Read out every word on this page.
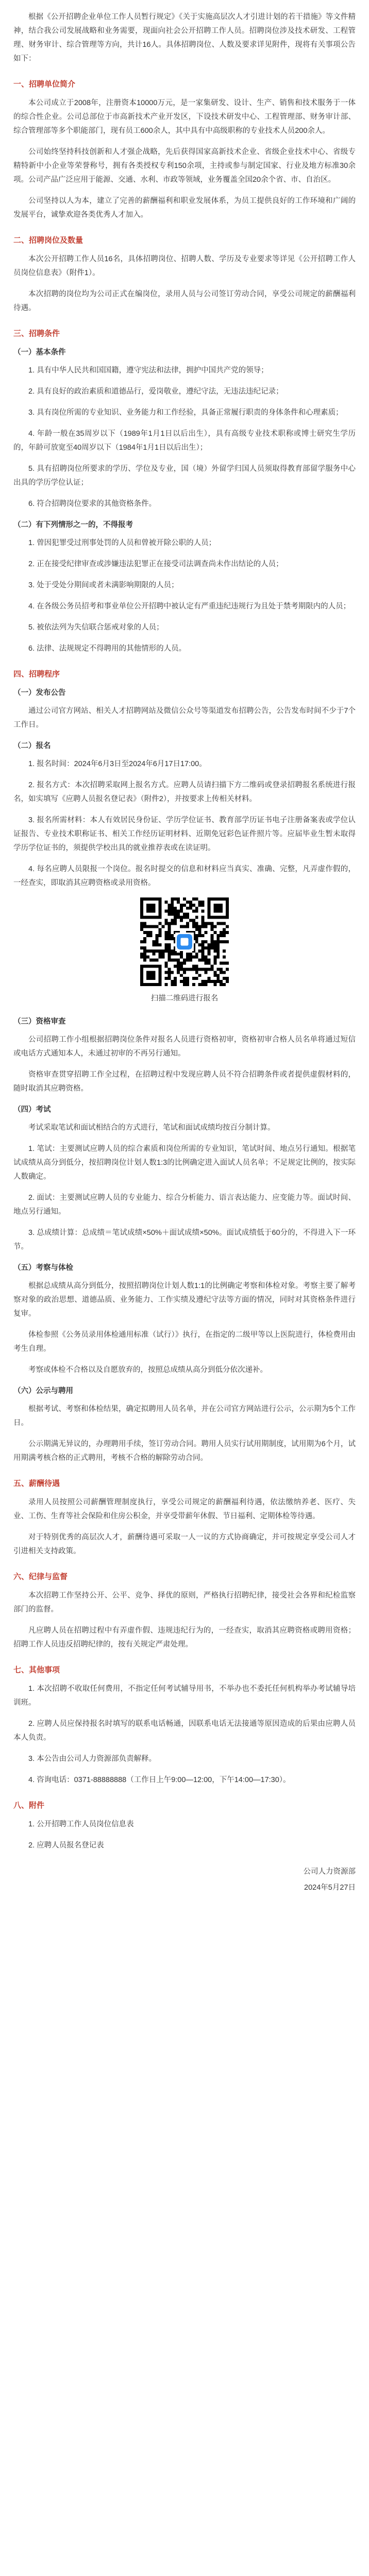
根据《公开招聘企业单位工作人员暂行规定》《关于实施高层次人才引进计划的若干措施》等文件精神，结合我公司发展战略和业务需要，现面向社会公开招聘工作人员。招聘岗位涉及技术研发、工程管理、财务审计、综合管理等方向，共计16人。具体招聘岗位、人数及要求详见附件，现将有关事项公告如下：

一、招聘单位简介

本公司成立于2008年，注册资本10000万元，是一家集研发、设计、生产、销售和技术服务于一体的综合性企业。公司总部位于市高新技术产业开发区，下设技术研发中心、工程管理部、财务审计部、综合管理部等多个职能部门，现有员工600余人，其中具有中高级职称的专业技术人员200余人。

公司始终坚持科技创新和人才强企战略，先后获得国家高新技术企业、省级企业技术中心、省级专精特新中小企业等荣誉称号，拥有各类授权专利150余项，主持或参与制定国家、行业及地方标准30余项。公司产品广泛应用于能源、交通、水利、市政等领域，业务覆盖全国20余个省、市、自治区。

公司坚持以人为本，建立了完善的薪酬福利和职业发展体系，为员工提供良好的工作环境和广阔的发展平台，诚挚欢迎各类优秀人才加入。

二、招聘岗位及数量

本次公开招聘工作人员16名，具体招聘岗位、招聘人数、学历及专业要求等详见《公开招聘工作人员岗位信息表》（附件1）。

本次招聘的岗位均为公司正式在编岗位，录用人员与公司签订劳动合同，享受公司规定的薪酬福利待遇。

三、招聘条件

（一）基本条件

1. 具有中华人民共和国国籍，遵守宪法和法律，拥护中国共产党的领导；

2. 具有良好的政治素质和道德品行，爱岗敬业，遵纪守法，无违法违纪记录；

3. 具有岗位所需的专业知识、业务能力和工作经验，具备正常履行职责的身体条件和心理素质；

4. 年龄一般在35周岁以下（1989年1月1日以后出生），具有高级专业技术职称或博士研究生学历的，年龄可放宽至40周岁以下（1984年1月1日以后出生）；

5. 具有招聘岗位所要求的学历、学位及专业，国（境）外留学归国人员须取得教育部留学服务中心出具的学历学位认证；

6. 符合招聘岗位要求的其他资格条件。

（二）有下列情形之一的，不得报考

1. 曾因犯罪受过刑事处罚的人员和曾被开除公职的人员；

2. 正在接受纪律审查或涉嫌违法犯罪正在接受司法调查尚未作出结论的人员；

3. 处于受处分期间或者未满影响期限的人员；

4. 在各级公务员招考和事业单位公开招聘中被认定有严重违纪违规行为且处于禁考期限内的人员；

5. 被依法列为失信联合惩戒对象的人员；

6. 法律、法规规定不得聘用的其他情形的人员。

四、招聘程序

（一）发布公告

通过公司官方网站、相关人才招聘网站及微信公众号等渠道发布招聘公告，公告发布时间不少于7个工作日。

（二）报名

1. 报名时间：2024年6月3日至2024年6月17日17:00。

2. 报名方式：本次招聘采取网上报名方式。应聘人员请扫描下方二维码或登录招聘报名系统进行报名，如实填写《应聘人员报名登记表》（附件2），并按要求上传相关材料。

3. 报名所需材料：本人有效居民身份证、学历学位证书、教育部学历证书电子注册备案表或学位认证报告、专业技术职称证书、相关工作经历证明材料、近期免冠彩色证件照片等。应届毕业生暂未取得学历学位证书的，须提供学校出具的就业推荐表或在读证明。

4. 每名应聘人员限报一个岗位。报名时提交的信息和材料应当真实、准确、完整，凡弄虚作假的，一经查实，即取消其应聘资格或录用资格。

扫描二维码进行报名

（三）资格审查

公司招聘工作小组根据招聘岗位条件对报名人员进行资格初审，资格初审合格人员名单将通过短信或电话方式通知本人，未通过初审的不再另行通知。

资格审查贯穿招聘工作全过程，在招聘过程中发现应聘人员不符合招聘条件或者提供虚假材料的，随时取消其应聘资格。

（四）考试

考试采取笔试和面试相结合的方式进行，笔试和面试成绩均按百分制计算。

1. 笔试：主要测试应聘人员的综合素质和岗位所需的专业知识，笔试时间、地点另行通知。根据笔试成绩从高分到低分，按招聘岗位计划人数1:3的比例确定进入面试人员名单；不足规定比例的，按实际人数确定。

2. 面试：主要测试应聘人员的专业能力、综合分析能力、语言表达能力、应变能力等。面试时间、地点另行通知。

3. 总成绩计算：总成绩＝笔试成绩×50%＋面试成绩×50%。面试成绩低于60分的，不得进入下一环节。

（五）考察与体检

根据总成绩从高分到低分，按照招聘岗位计划人数1:1的比例确定考察和体检对象。考察主要了解考察对象的政治思想、道德品质、业务能力、工作实绩及遵纪守法等方面的情况，同时对其资格条件进行复审。

体检参照《公务员录用体检通用标准（试行）》执行，在指定的二级甲等以上医院进行，体检费用由考生自理。

考察或体检不合格以及自愿放弃的，按照总成绩从高分到低分依次递补。

（六）公示与聘用

根据考试、考察和体检结果，确定拟聘用人员名单，并在公司官方网站进行公示，公示期为5个工作日。

公示期满无异议的，办理聘用手续，签订劳动合同。聘用人员实行试用期制度，试用期为6个月，试用期满考核合格的正式聘用，考核不合格的解除劳动合同。

五、薪酬待遇

录用人员按照公司薪酬管理制度执行，享受公司规定的薪酬福利待遇，依法缴纳养老、医疗、失业、工伤、生育等社会保险和住房公积金，并享受带薪年休假、节日福利、定期体检等待遇。

对于特别优秀的高层次人才，薪酬待遇可采取一人一议的方式协商确定，并可按规定享受公司人才引进相关支持政策。

六、纪律与监督

本次招聘工作坚持公开、公平、竞争、择优的原则，严格执行招聘纪律，接受社会各界和纪检监察部门的监督。

凡应聘人员在招聘过程中有弄虚作假、违规违纪行为的，一经查实，取消其应聘资格或聘用资格；招聘工作人员违反招聘纪律的，按有关规定严肃处理。

七、其他事项

1. 本次招聘不收取任何费用，不指定任何考试辅导用书，不举办也不委托任何机构举办考试辅导培训班。

2. 应聘人员应保持报名时填写的联系电话畅通，因联系电话无法接通等原因造成的后果由应聘人员本人负责。

3. 本公告由公司人力资源部负责解释。

4. 咨询电话：0371-88888888（工作日上午9:00—12:00，下午14:00—17:30）。

八、附件

1. 公开招聘工作人员岗位信息表

2. 应聘人员报名登记表

公司人力资源部

2024年5月27日
